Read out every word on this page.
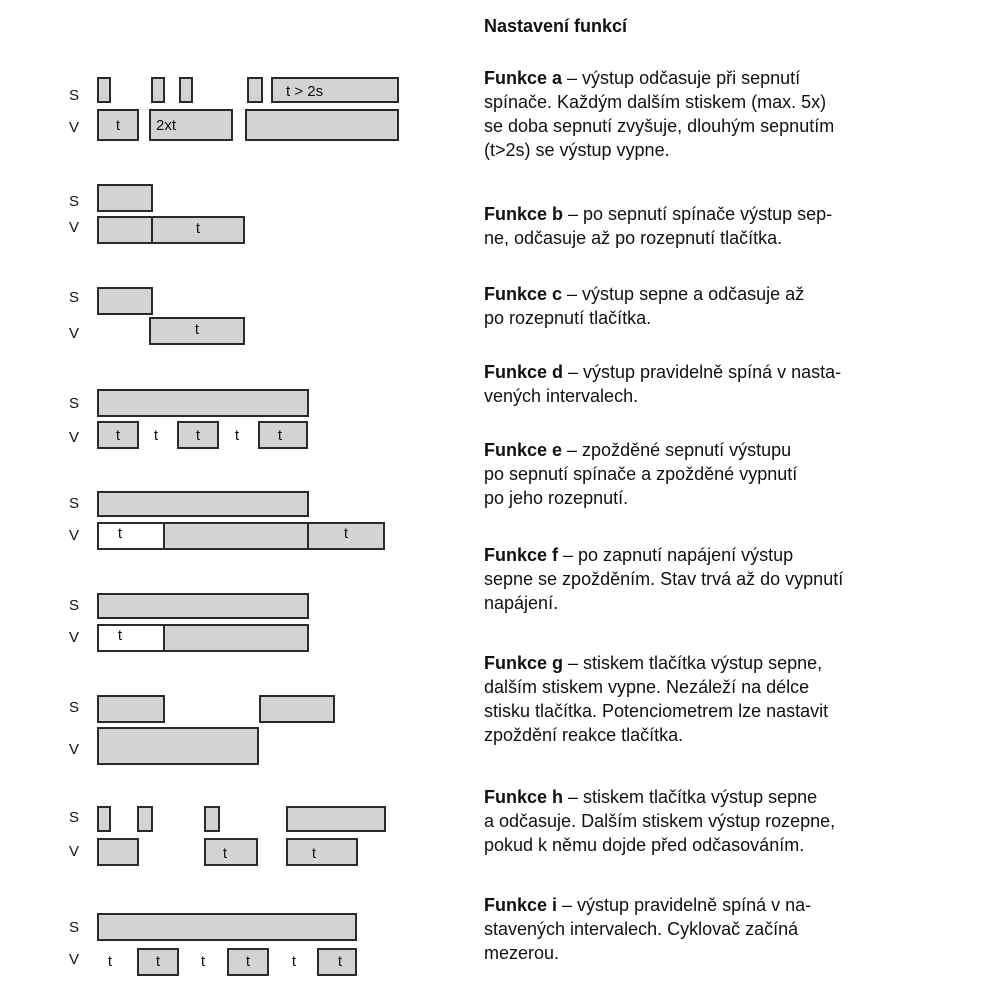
Nastavení funkcí
Funkce a – výstup odčasuje při sepnutí
spínače. Každým dalším stiskem (max. 5x)
se doba sepnutí zvyšuje, dlouhým sepnutím
(t>2s) se výstup vypne.
Funkce b – po sepnutí spínače výstup sep-
ne, odčasuje až po rozepnutí tlačítka.
Funkce c – výstup sepne a odčasuje až
po rozepnutí tlačítka.
Funkce d – výstup pravidelně spíná v nasta-
vených intervalech.
Funkce e – zpožděné sepnutí výstupu
po sepnutí spínače a zpožděné vypnutí
po jeho rozepnutí.
Funkce f – po zapnutí napájení výstup
sepne se zpožděním. Stav trvá až do vypnutí
napájení.
Funkce g – stiskem tlačítka výstup sepne,
dalším stiskem vypne. Nezáleží na délce
stisku tlačítka. Potenciometrem lze nastavit
zpoždění reakce tlačítka.
Funkce h – stiskem tlačítka výstup sepne
a odčasuje. Dalším stiskem výstup rozepne,
pokud k němu dojde před odčasováním.
Funkce i – výstup pravidelně spíná v na-
stavených intervalech. Cyklovač začíná
mezerou.
S
V
t > 2s
t 2xt
S
V	t
S
V	t
S
V t t	t t	t
S
V	t	t
S
V	t
S
V
S
V	t	t
S
V t	t	t	t	t	t
